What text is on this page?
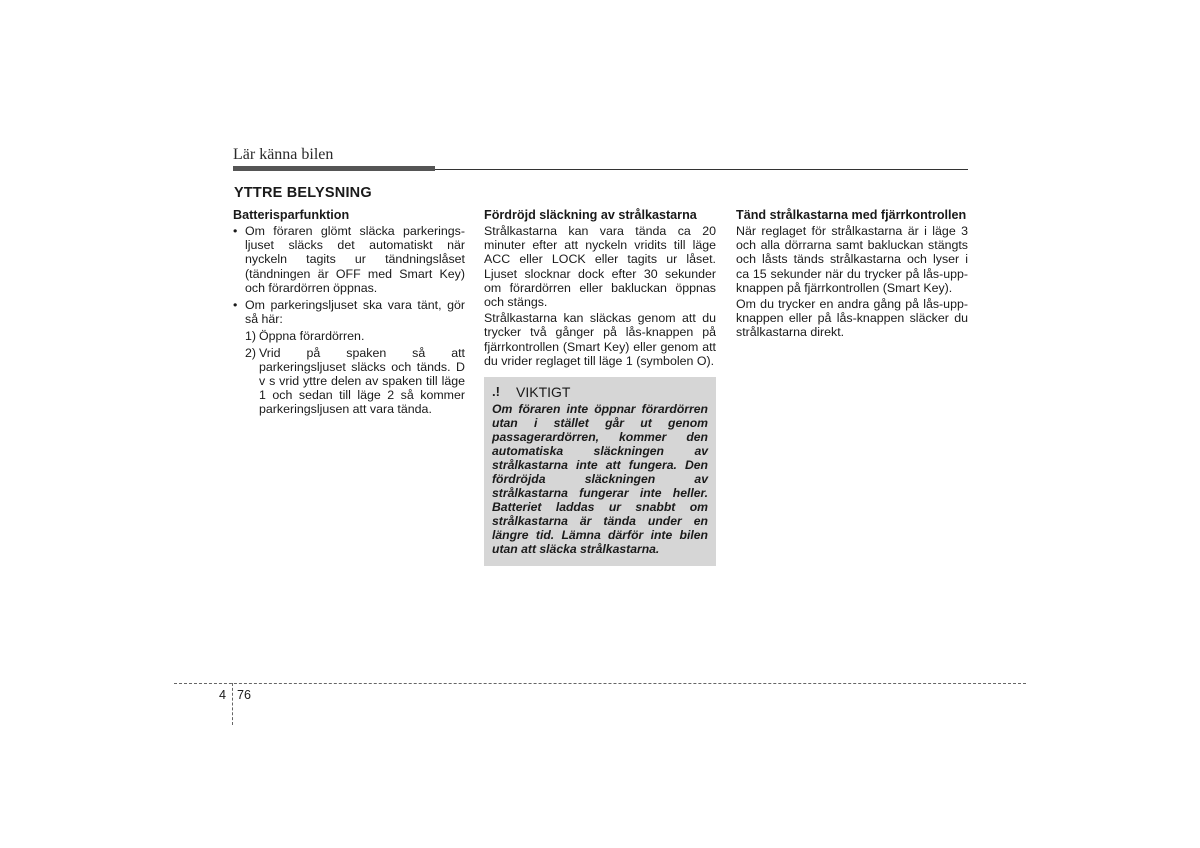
Lär känna bilen
YTTRE BELYSNING
Batterisparfunktion
• Om föraren glömt släcka parkerings-ljuset släcks det automatiskt när nyckeln tagits ur tändningslåset (tändningen är OFF med Smart Key) och förardörren öppnas.
• Om parkeringsljuset ska vara tänt, gör så här:
1) Öppna förardörren.
2) Vrid på spaken så att parkeringsljuset släcks och tänds. D v s vrid yttre delen av spaken till läge 1 och sedan till läge 2 så kommer parkeringsljusen att vara tända.
Fördröjd släckning av strålkastarna

Strålkastarna kan vara tända ca 20 minuter efter att nyckeln vridits till läge ACC eller LOCK eller tagits ur låset. Ljuset slocknar dock efter 30 sekunder om förardörren eller bakluckan öppnas och stängs.

Strålkastarna kan släckas genom att du trycker två gånger på lås-knappen på fjärrkontrollen (Smart Key) eller genom att du vrider reglaget till läge 1 (symbolen O).

.!	VIKTIGT
Om föraren inte öppnar förardörren utan i stället går ut genom passagerardörren, kommer den automatiska släckningen av strålkastarna inte att fungera. Den fördröjda släckningen av strålkastarna fungerar inte heller. Batteriet laddas ur snabbt om strålkastarna är tända under en längre tid. Lämna därför inte bilen utan att släcka strålkastarna.
Tänd strålkastarna med fjärrkontrollen

När reglaget för strålkastarna är i läge 3 och alla dörrarna samt bakluckan stängts och låsts tänds strålkastarna och lyser i ca 15 sekunder när du trycker på lås-upp-knappen på fjärrkontrollen (Smart Key).

Om du trycker en andra gång på lås-upp-knappen eller på lås-knappen släcker du strålkastarna direkt.

4 76
